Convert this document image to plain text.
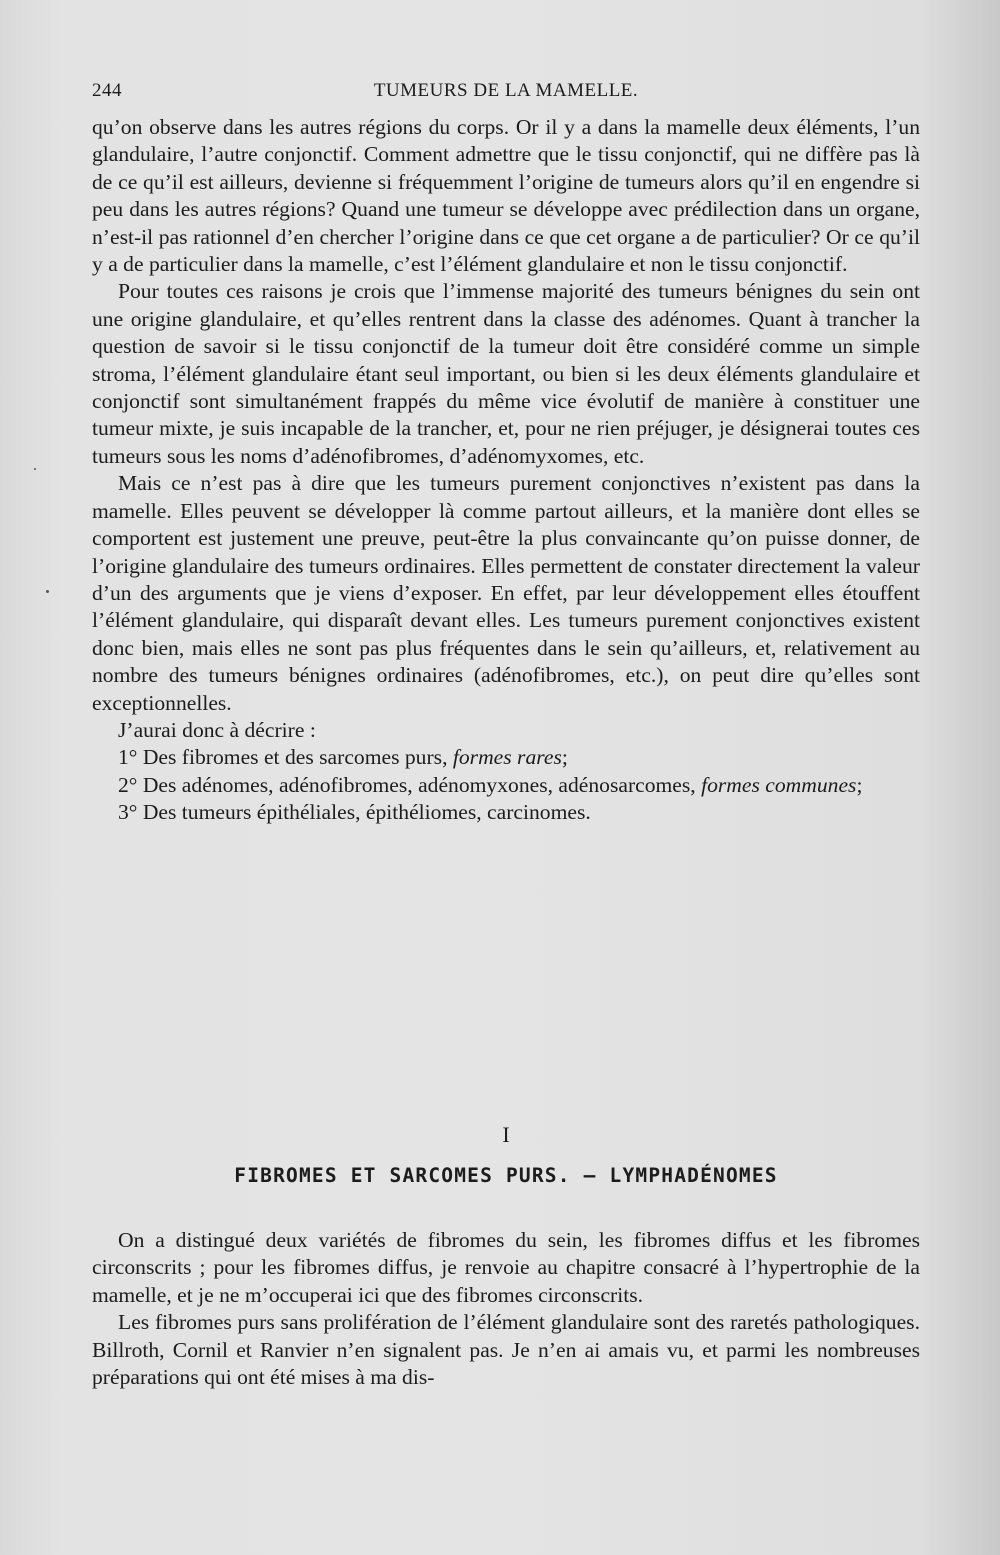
244	TUMEURS DE LA MAMELLE.

qu’on observe dans les autres régions du corps. Or il y a dans la mamelle deux éléments, l’un glandulaire, l’autre conjonctif. Comment admettre que le tissu conjonctif, qui ne diffère pas là de ce qu’il est ailleurs, devienne si fréquemment l’origine de tumeurs alors qu’il en engendre si peu dans les autres régions? Quand une tumeur se développe avec prédilection dans un organe, n’est-il pas rationnel d’en chercher l’origine dans ce que cet organe a de particulier? Or ce qu’il y a de particulier dans la mamelle, c’est l’élément glandulaire et non le tissu conjonctif.

Pour toutes ces raisons je crois que l’immense majorité des tumeurs bénignes du sein ont une origine glandulaire, et qu’elles rentrent dans la classe des adénomes. Quant à trancher la question de savoir si le tissu conjonctif de la tumeur doit être considéré comme un simple stroma, l’élément glandulaire étant seul important, ou bien si les deux éléments glandulaire et conjonctif sont simultanément frappés du même vice évolutif de manière à constituer une tumeur mixte, je suis incapable de la trancher, et, pour ne rien préjuger, je désignerai toutes ces tumeurs sous les noms d’adénofibromes, d’adénomyxomes, etc.

Mais ce n’est pas à dire que les tumeurs purement conjonctives n’existent pas dans la mamelle. Elles peuvent se développer là comme partout ailleurs, et la manière dont elles se comportent est justement une preuve, peut-être la plus convaincante qu’on puisse donner, de l’origine glandulaire des tumeurs ordinaires. Elles permettent de constater directement la valeur d’un des arguments que je viens d’exposer. En effet, par leur développement elles étouffent l’élément glandulaire, qui disparaît devant elles. Les tumeurs purement conjonctives existent donc bien, mais elles ne sont pas plus fréquentes dans le sein qu’ailleurs, et, relativement au nombre des tumeurs bénignes ordinaires (adénofibromes, etc.), on peut dire qu’elles sont exceptionnelles.

J’aurai donc à décrire :

1° Des fibromes et des sarcomes purs, formes rares;

2° Des adénomes, adénofibromes, adénomyxones, adénosarcomes, formes communes;

3° Des tumeurs épithéliales, épithéliomes, carcinomes.

I
FIBROMES ET SARCOMES PURS. — LYMPHADÉNOMES

On a distingué deux variétés de fibromes du sein, les fibromes diffus et les fibromes circonscrits ; pour les fibromes diffus, je renvoie au chapitre consacré à l’hypertrophie de la mamelle, et je ne m’occuperai ici que des fibromes circonscrits.

Les fibromes purs sans prolifération de l’élément glandulaire sont des raretés pathologiques. Billroth, Cornil et Ranvier n’en signalent pas. Je n’en ai amais vu, et parmi les nombreuses préparations qui ont été mises à ma dis-
